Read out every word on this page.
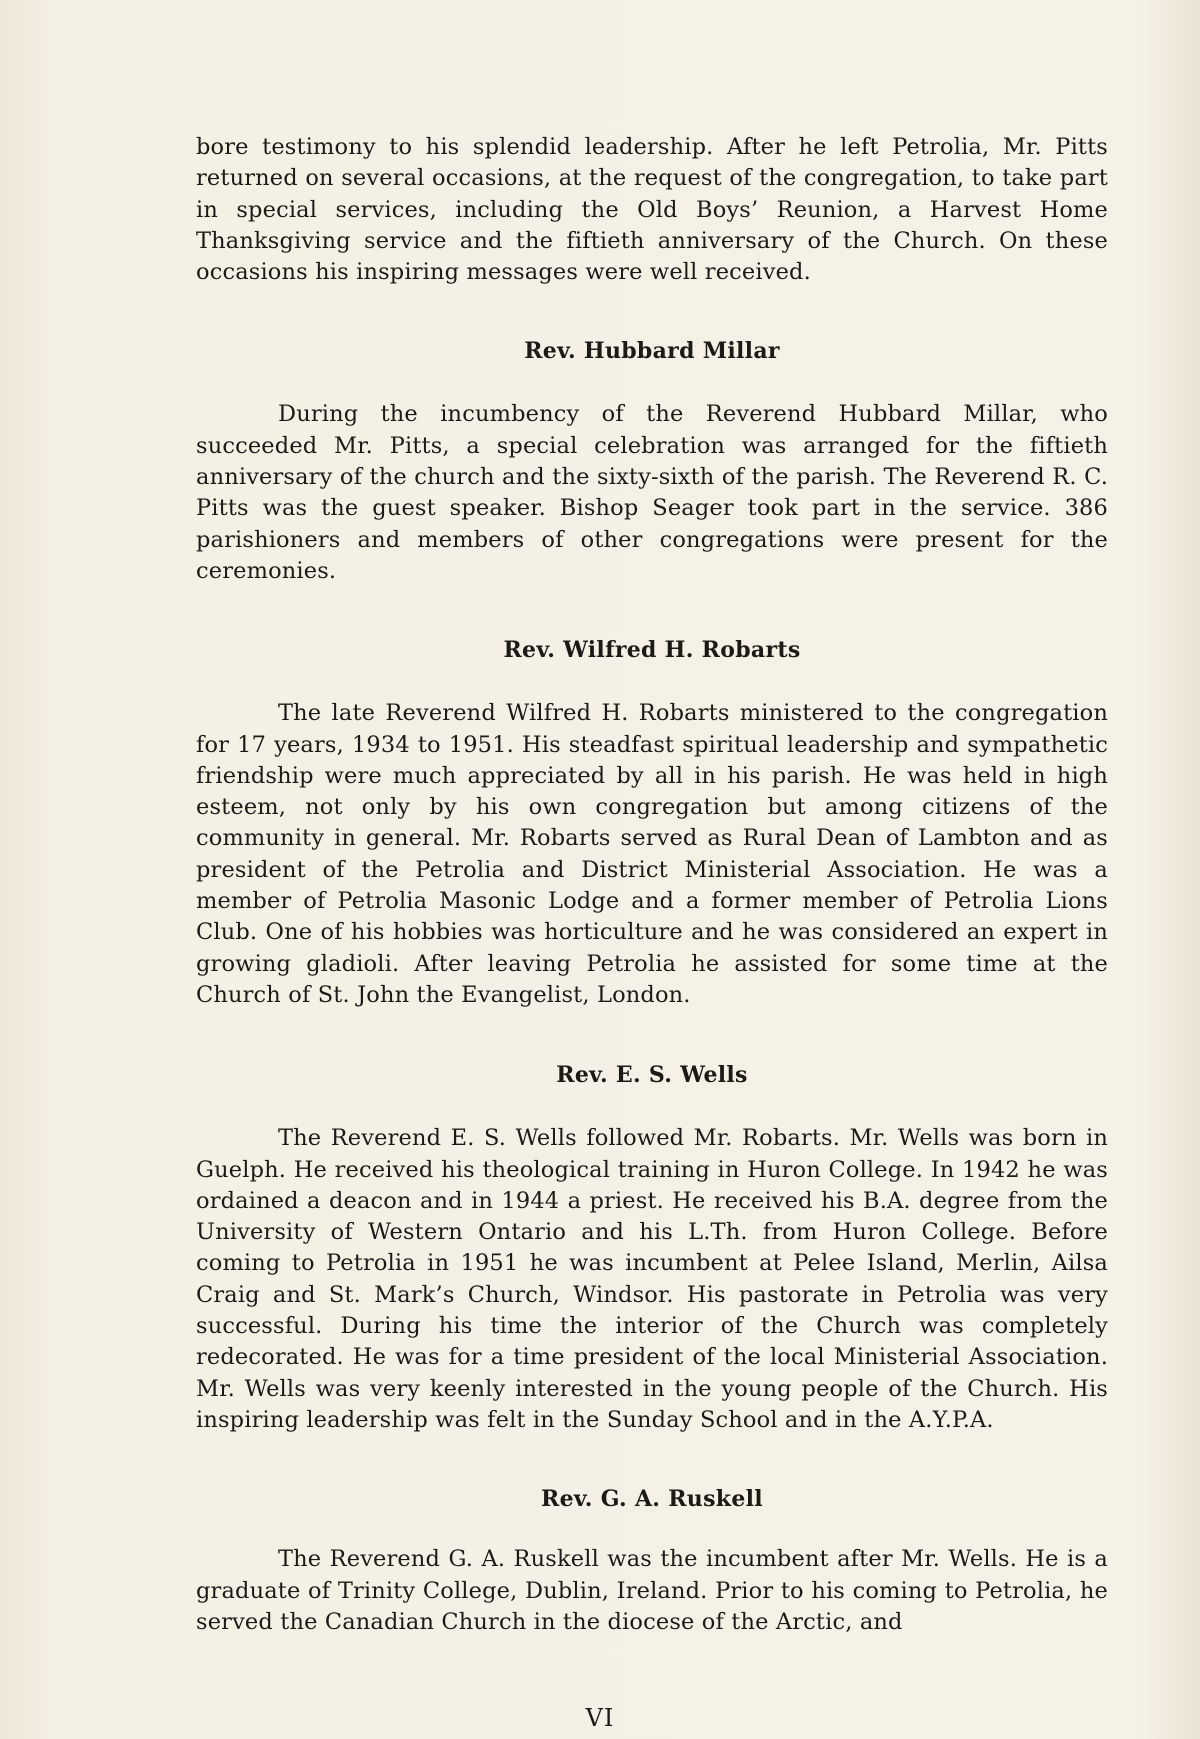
bore testimony to his splendid leadership. After he left Petrolia, Mr. Pitts returned on several occasions, at the request of the congregation, to take part in special services, including the Old Boys’ Reunion, a Harvest Home Thanksgiving service and the fiftieth anniversary of the Church. On these occasions his inspiring messages were well received.

Rev. Hubbard Millar

During the incumbency of the Reverend Hubbard Millar, who succeeded Mr. Pitts, a special celebration was arranged for the fiftieth anniversary of the church and the sixty-sixth of the parish. The Reverend R. C. Pitts was the guest speaker. Bishop Seager took part in the service. 386 parishioners and members of other congregations were present for the ceremonies.

Rev. Wilfred H. Robarts

The late Reverend Wilfred H. Robarts ministered to the congregation for 17 years, 1934 to 1951. His steadfast spiritual leadership and sympathetic friendship were much appreciated by all in his parish. He was held in high esteem, not only by his own congregation but among citizens of the community in general. Mr. Robarts served as Rural Dean of Lambton and as president of the Petrolia and District Ministerial Association. He was a member of Petrolia Masonic Lodge and a former member of Petrolia Lions Club. One of his hobbies was horticulture and he was considered an expert in growing gladioli. After leaving Petrolia he assisted for some time at the Church of St. John the Evangelist, London.

Rev. E. S. Wells

The Reverend E. S. Wells followed Mr. Robarts. Mr. Wells was born in Guelph. He received his theological training in Huron College. In 1942 he was ordained a deacon and in 1944 a priest. He received his B.A. degree from the University of Western Ontario and his L.Th. from Huron College. Before coming to Petrolia in 1951 he was incumbent at Pelee Island, Merlin, Ailsa Craig and St. Mark’s Church, Windsor. His pastorate in Petrolia was very successful. During his time the interior of the Church was completely redecorated. He was for a time president of the local Ministerial Association. Mr. Wells was very keenly interested in the young people of the Church. His inspiring leadership was felt in the Sunday School and in the A.Y.P.A.

Rev. G. A. Ruskell

The Reverend G. A. Ruskell was the incumbent after Mr. Wells. He is a graduate of Trinity College, Dublin, Ireland. Prior to his coming to Petrolia, he served the Canadian Church in the diocese of the Arctic, and

VI
